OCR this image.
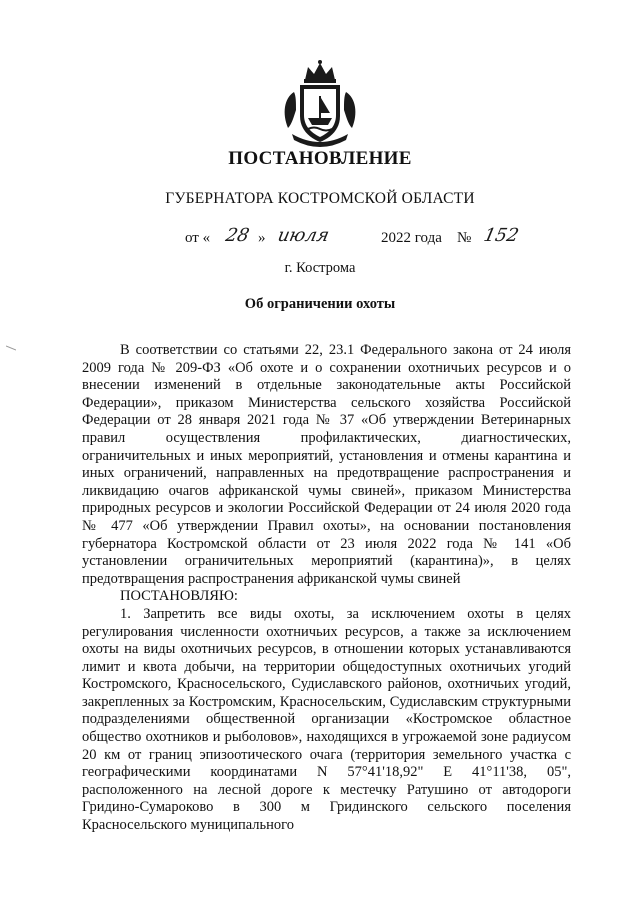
ПОСТАНОВЛЕНИЕ
ГУБЕРНАТОРА КОСТРОМСКОЙ ОБЛАСТИ
от « 28 » июля	2022 года № 152
г. Кострома
Об ограничении охоты

В соответствии со статьями 22, 23.1 Федерального закона от 24 июля 2009 года № 209-ФЗ «Об охоте и о сохранении охотничьих ресурсов и о внесении изменений в отдельные законодательные акты Российской Федерации», приказом Министерства сельского хозяйства Российской Федерации от 28 января 2021 года № 37 «Об утверждении Ветеринарных правил осуществления профилактических, диагностических, ограничительных и иных мероприятий, установления и отмены карантина и иных ограничений, направленных на предотвращение распространения и ликвидацию очагов африканской чумы свиней», приказом Министерства природных ресурсов и экологии Российской Федерации от 24 июля 2020 года № 477 «Об утверждении Правил охоты», на основании постановления губернатора Костромской области от 23 июля 2022 года № 141 «Об установлении ограничительных мероприятий (карантина)», в целях предотвращения распространения африканской чумы свиней

ПОСТАНОВЛЯЮ:

1. Запретить все виды охоты, за исключением охоты в целях регулирования численности охотничьих ресурсов, а также за исключением охоты на виды охотничьих ресурсов, в отношении которых устанавливаются лимит и квота добычи, на территории общедоступных охотничьих угодий Костромского, Красносельского, Судиславского районов, охотничьих угодий, закрепленных за Костромским, Красносельским, Судиславским структурными подразделениями общественной организации «Костромское областное общество охотников и рыболовов», находящихся в угрожаемой зоне радиусом 20 км от границ эпизоотического очага (территория земельного участка с географическими координатами N 57°41'18,92" E 41°11'38, 05", расположенного на лесной дороге к местечку Ратушино от автодороги Гридино-Сумароково в 300 м Гридинского сельского поселения Красносельского муниципального
